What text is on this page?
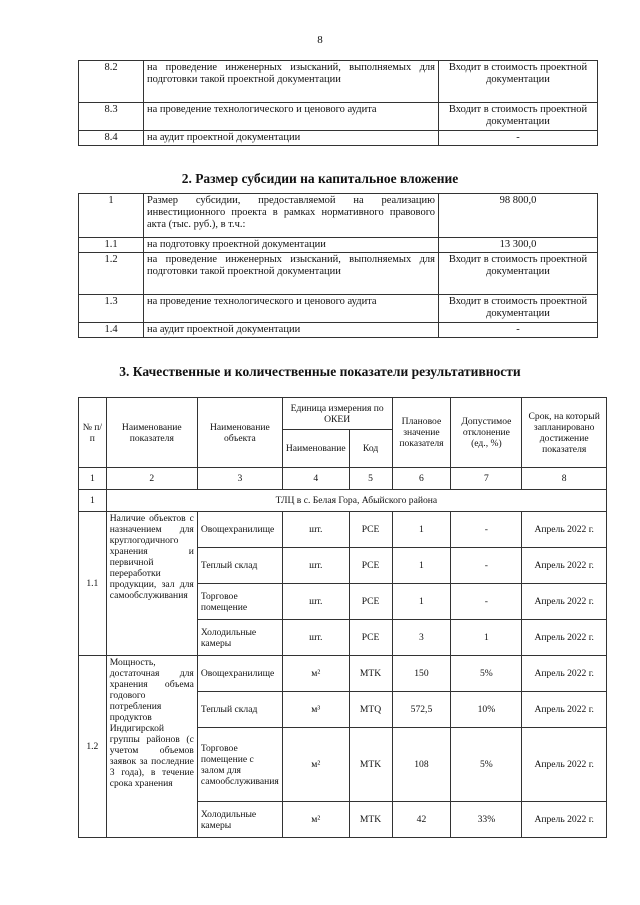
8
8.2	на проведение инженерных изысканий, выполняемых для подготовки такой проектной документации	Входит в стоимость проектной документации
8.3	на проведение технологического и ценового аудита	Входит в стоимость проектной документации
8.4	на аудит проектной документации	-
2. Размер субсидии на капитальное вложение
1	Размер субсидии, предоставляемой на реализацию инвестиционного проекта в рамках нормативного правового акта (тыс. руб.), в т.ч.:	98 800,0
1.1	на подготовку проектной документации	13 300,0
1.2	на проведение инженерных изысканий, выполняемых для подготовки такой проектной документации	Входит в стоимость проектной документации
1.3	на проведение технологического и ценового аудита	Входит в стоимость проектной документации
1.4	на аудит проектной документации	-
3. Качественные и количественные показатели результативности
№ п/п	Наименование показателя	Наименование объекта	Единица измерения по ОКЕИ		Плановое значение показателя	Допустимое отклонение (ед., %)	Срок, на который запланировано достижение показателя
			Наименование	Код			
1	2	3	4	5	6	7	8
1	ТЛЦ в с. Белая Гора, Абыйского района						
1.1	Наличие объектов с назначением для круглогодичного хранения и первичной переработки продукции, зал для самообслуживания	Овощехранилище	шт.	PCE	1	-	Апрель 2022 г.
		Теплый склад	шт.	PCE	1	-	Апрель 2022 г.
		Торговое помещение	шт.	PCE	1	-	Апрель 2022 г.
		Холодильные камеры	шт.	PCE	3	1	Апрель 2022 г.
1.2	Мощность, достаточная для хранения объема годового потребления продуктов Индигирской группы районов (с учетом объемов заявок за последние 3 года), в течение срока хранения	Овощехранилище	м²	MTK	150	5%	Апрель 2022 г.
		Теплый склад	м³	MTQ	572,5	10%	Апрель 2022 г.
		Торговое помещение с залом для самообслуживания	м²	MTK	108	5%	Апрель 2022 г.
		Холодильные камеры	м²	MTK	42	33%	Апрель 2022 г.
